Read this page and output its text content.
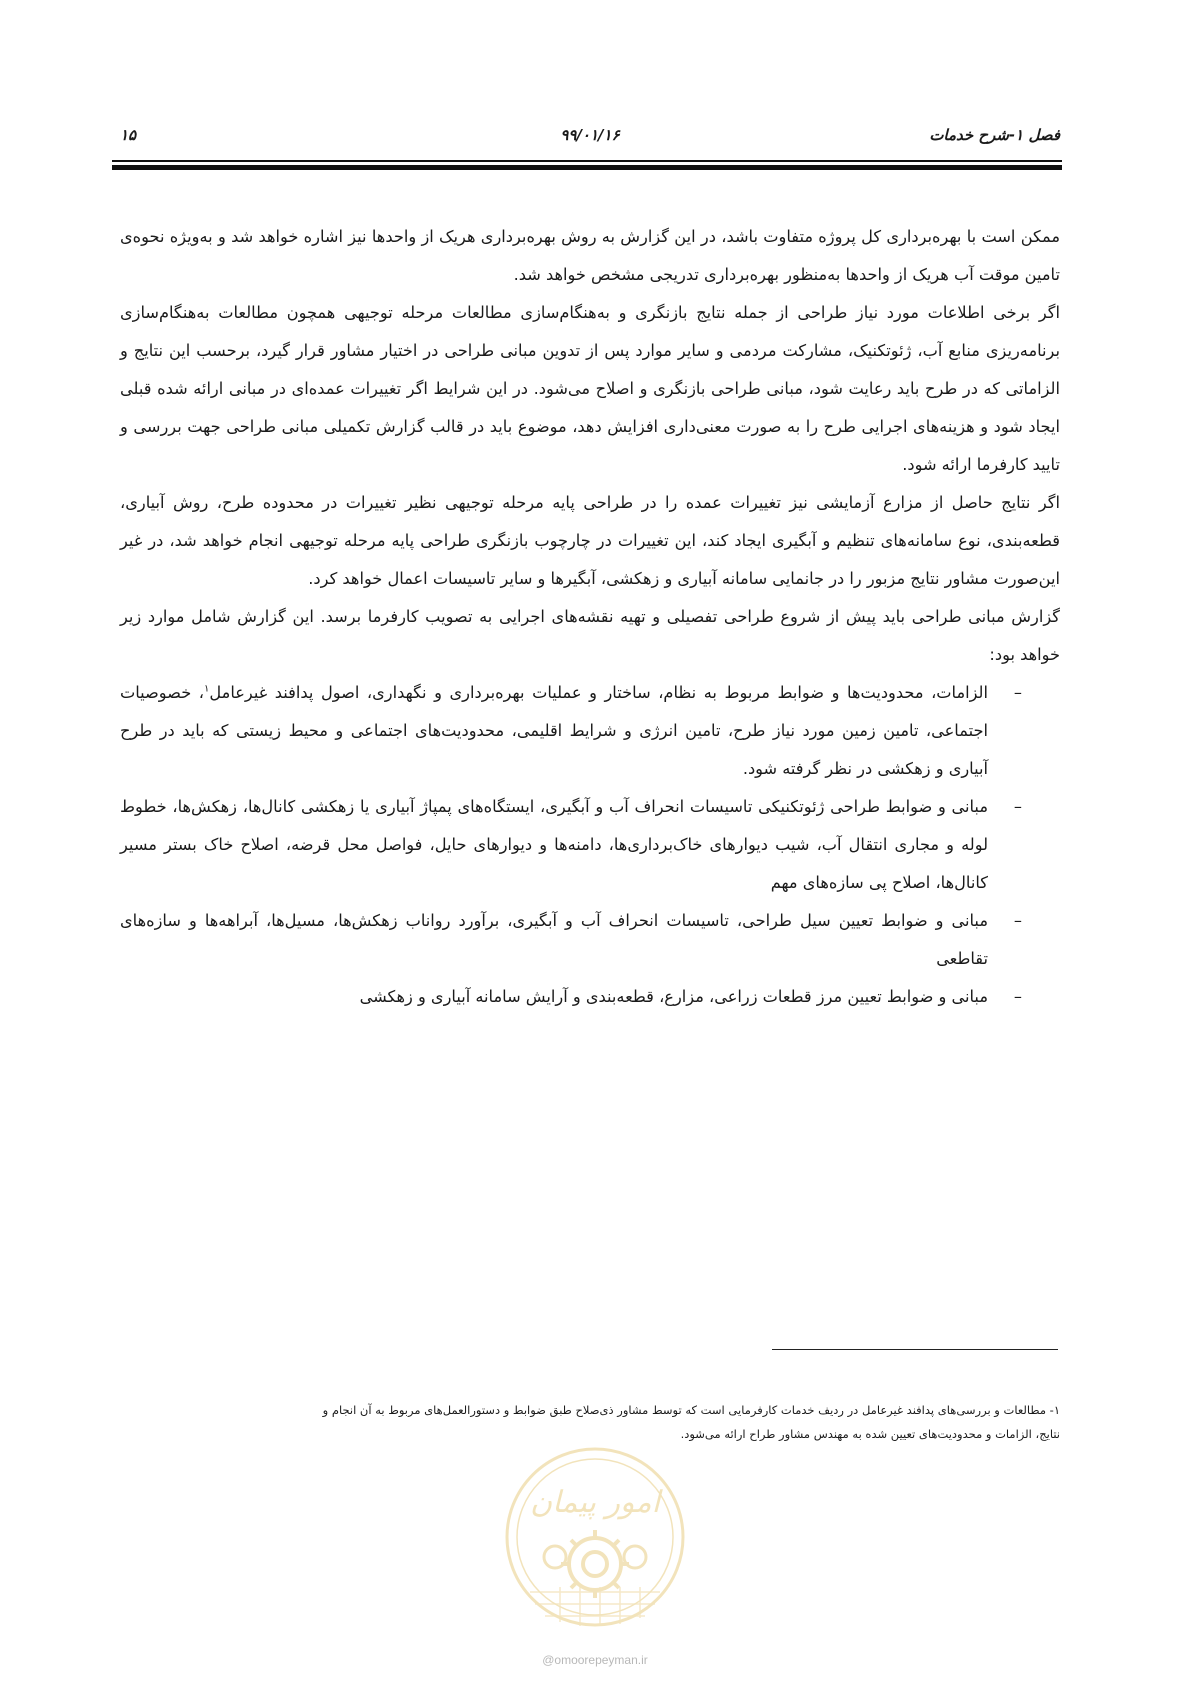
فصل ۱-شرح خدمات
۹۹/۰۱/۱۶
۱۵

ممکن است با بهره‌برداری کل پروژه متفاوت باشد، در این گزارش به روش بهره‌برداری هریک از واحدها نیز اشاره خواهد شد و به‌ویژه نحوه‌ی تامین موقت آب هریک از واحدها به‌منظور بهره‌برداری تدریجی مشخص خواهد شد.

اگر برخی اطلاعات مورد نیاز طراحی از جمله نتایج بازنگری و به‌هنگام‌سازی مطالعات مرحله توجیهی همچون مطالعات به‌هنگام‌سازی برنامه‌ریزی منابع آب، ژئوتکنیک، مشارکت مردمی و سایر موارد پس از تدوین مبانی طراحی در اختیار مشاور قرار گیرد، برحسب این نتایج و الزاماتی که در طرح باید رعایت شود، مبانی طراحی بازنگری و اصلاح می‌شود. در این شرایط اگر تغییرات عمده‌ای در مبانی ارائه شده قبلی ایجاد شود و هزینه‌های اجرایی طرح را به صورت معنی‌داری افزایش دهد، موضوع باید در قالب گزارش تکمیلی مبانی طراحی جهت بررسی و تایید کارفرما ارائه شود.

اگر نتایج حاصل از مزارع آزمایشی نیز تغییرات عمده را در طراحی پایه مرحله توجیهی نظیر تغییرات در محدوده طرح، روش آبیاری، قطعه‌بندی، نوع سامانه‌های تنظیم و آبگیری ایجاد کند، این تغییرات در چارچوب بازنگری طراحی پایه مرحله توجیهی انجام خواهد شد، در غیر این‌صورت مشاور نتایج مزبور را در جانمایی سامانه آبیاری و زهکشی، آبگیرها و سایر تاسیسات اعمال خواهد کرد.

گزارش مبانی طراحی باید پیش از شروع طراحی تفصیلی و تهیه نقشه‌های اجرایی به تصویب کارفرما برسد. این گزارش شامل موارد زیر خواهد بود:

–
الزامات، محدودیت‌ها و ضوابط مربوط به نظام، ساختار و عملیات بهره‌برداری و نگهداری، اصول پدافند غیرعامل$^۱$، خصوصیات اجتماعی، تامین زمین مورد نیاز طرح، تامین انرژی و شرایط اقلیمی، محدودیت‌های اجتماعی و محیط زیستی که باید در طرح آبیاری و زهکشی در نظر گرفته شود.
–
مبانی و ضوابط طراحی ژئوتکنیکی تاسیسات انحراف آب و آبگیری، ایستگاه‌های پمپاژ آبیاری یا زهکشی کانال‌ها، زهکش‌ها، خطوط لوله و مجاری انتقال آب، شیب دیوارهای خاک‌برداری‌ها، دامنه‌ها و دیوارهای حایل، فواصل محل قرضه، اصلاح خاک بستر مسیر کانال‌ها، اصلاح پی سازه‌های مهم
–
مبانی و ضوابط تعیین سیل طراحی، تاسیسات انحراف آب و آبگیری، برآورد رواناب زهکش‌ها، مسیل‌ها، آبراهه‌ها و سازه‌های تقاطعی
–
مبانی و ضوابط تعیین مرز قطعات زراعی، مزارع، قطعه‌بندی و آرایش سامانه آبیاری و زهکشی

۱- مطالعات و بررسی‌های پدافند غیرعامل در ردیف خدمات کارفرمایی است که توسط مشاور ذی‌صلاح طبق ضوابط و دستورالعمل‌های مربوط به آن انجام و

نتایج، الزامات و محدودیت‌های تعیین شده به مهندس مشاور طراح ارائه می‌شود.

امور پیمان
@omoorepeyman.ir
